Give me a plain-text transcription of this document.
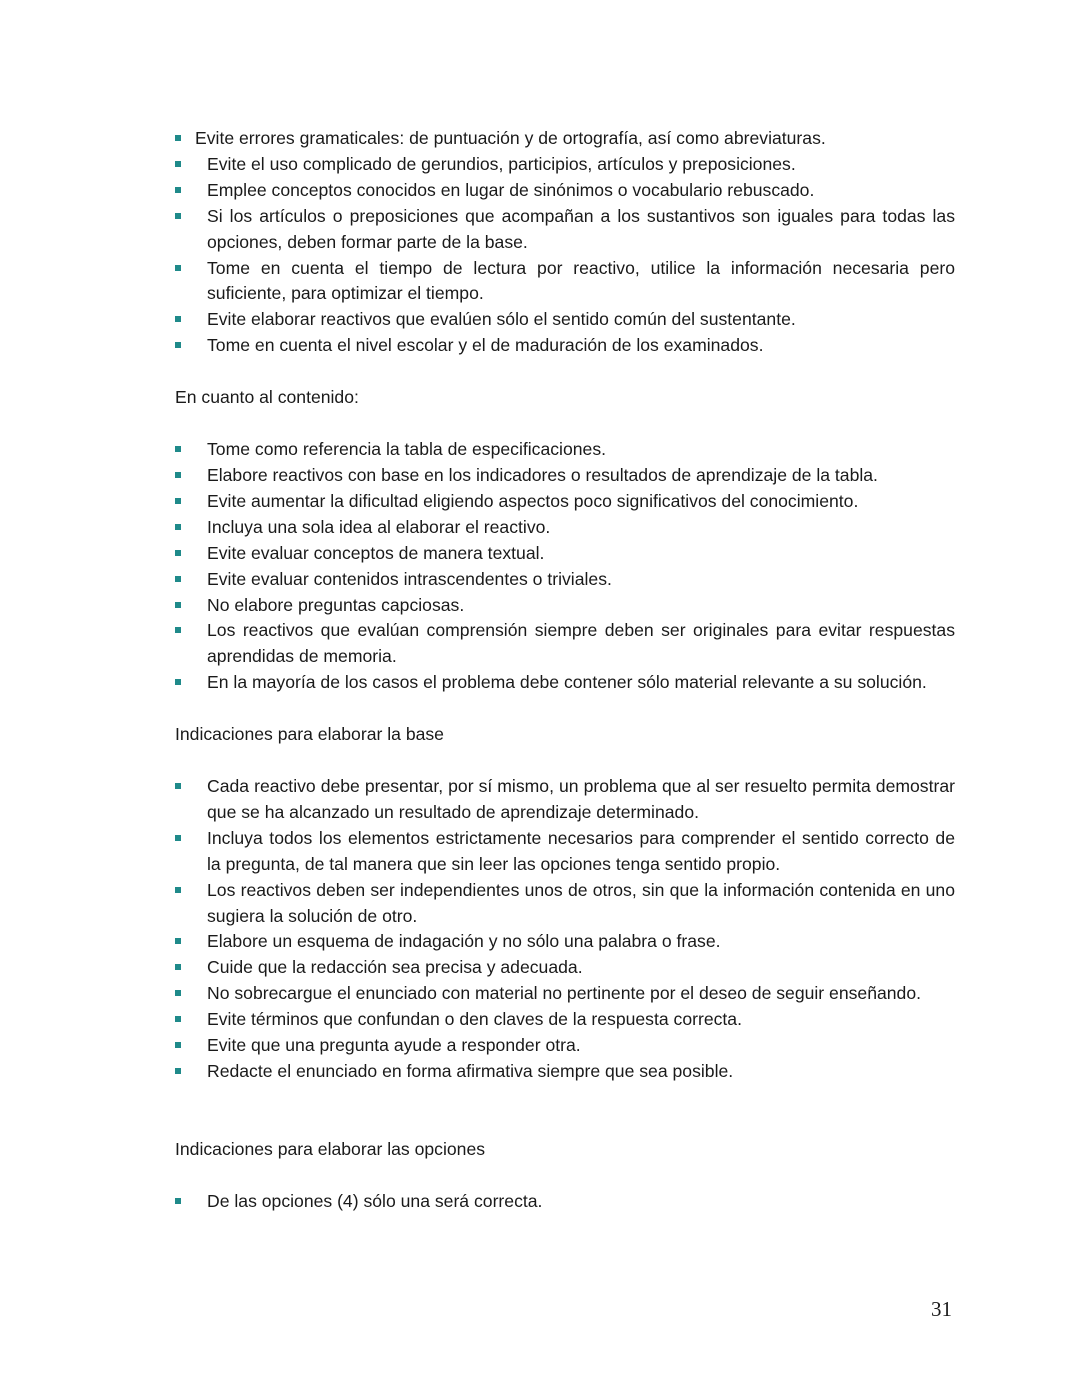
Evite errores gramaticales: de puntuación y de ortografía, así como abreviaturas.
Evite el uso complicado de gerundios, participios, artículos y preposiciones.
Emplee conceptos conocidos en lugar de sinónimos o vocabulario rebuscado.
Si los artículos o preposiciones que acompañan a los sustantivos son iguales para todas las opciones, deben formar parte de la base.
Tome en cuenta el tiempo de lectura por reactivo, utilice la información necesaria pero suficiente, para optimizar el tiempo.
Evite elaborar reactivos que evalúen sólo el sentido común del sustentante.
Tome en cuenta el nivel escolar y el de maduración de los examinados.

En cuanto al contenido:

Tome como referencia la tabla de especificaciones.
Elabore reactivos con base en los indicadores o resultados de aprendizaje de la tabla.
Evite aumentar la dificultad eligiendo aspectos poco significativos del conocimiento.
Incluya una sola idea al elaborar el reactivo.
Evite evaluar conceptos de manera textual.
Evite evaluar contenidos intrascendentes o triviales.
No elabore preguntas capciosas.
Los reactivos que evalúan comprensión siempre deben ser originales para evitar respuestas aprendidas de memoria.
En la mayoría de los casos el problema debe contener sólo material relevante a su solución.

Indicaciones para elaborar la base

Cada reactivo debe presentar, por sí mismo, un problema que al ser resuelto permita demostrar que se ha alcanzado un resultado de aprendizaje determinado.
Incluya todos los elementos estrictamente necesarios para comprender el sentido correcto de la pregunta, de tal manera que sin leer las opciones tenga sentido propio.
Los reactivos deben ser independientes unos de otros, sin que la información contenida en uno sugiera la solución de otro.
Elabore un esquema de indagación y no sólo una palabra o frase.
Cuide que la redacción sea precisa y adecuada.
No sobrecargue el enunciado con material no pertinente por el deseo de seguir enseñando.
Evite términos que confundan o den claves de la respuesta correcta.
Evite que una pregunta ayude a responder otra.
Redacte el enunciado en forma afirmativa siempre que sea posible.

Indicaciones para elaborar las opciones

De las opciones (4) sólo una será correcta.
31
